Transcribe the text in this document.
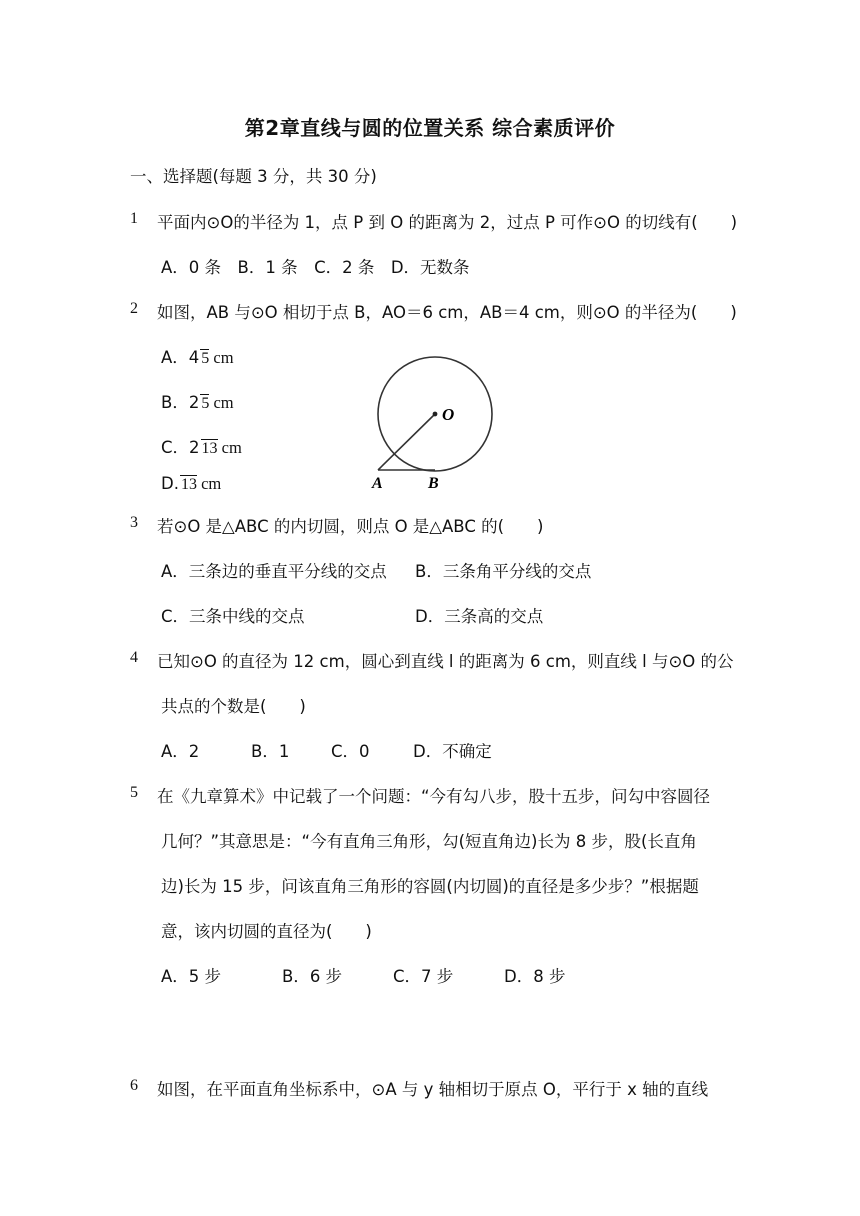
第2章直线与圆的位置关系 综合素质评价
一、选择题(每题 3 分，共 30 分)
1 平面内⊙O的半径为 1，点 P 到 O 的距离为 2，过点 P 可作⊙O 的切线有(　　)
A．0 条　B．1 条　C．2 条　D．无数条
2 如图，AB 与⊙O 相切于点 B，AO＝6 cm，AB＝4 cm，则⊙O 的半径为(　　)
A．4 5 cm
B．2 5 cm
C．2 13 cm
D. 13 cm
O
A	B
3 若⊙O 是△ABC 的内切圆，则点 O 是△ABC 的(　　)
A．三条边的垂直平分线的交点 B．三条角平分线的交点
C．三条中线的交点	D．三条高的交点
4 已知⊙O 的直径为 12 cm，圆心到直线 l 的距离为 6 cm，则直线 l 与⊙O 的公
共点的个数是(　　)
A．2	B．1	C．0	D．不确定
5 在《九章算术》中记载了一个问题：“今有勾八步，股十五步，问勾中容圆径
几何？”其意思是：“今有直角三角形，勾(短直角边)长为 8 步，股(长直角
边)长为 15 步，问该直角三角形的容圆(内切圆)的直径是多少步？”根据题
意，该内切圆的直径为(　　)
A．5 步	B．6 步	C．7 步	D．8 步
6 如图，在平面直角坐标系中，⊙A 与 y 轴相切于原点 O，平行于 x 轴的直线
